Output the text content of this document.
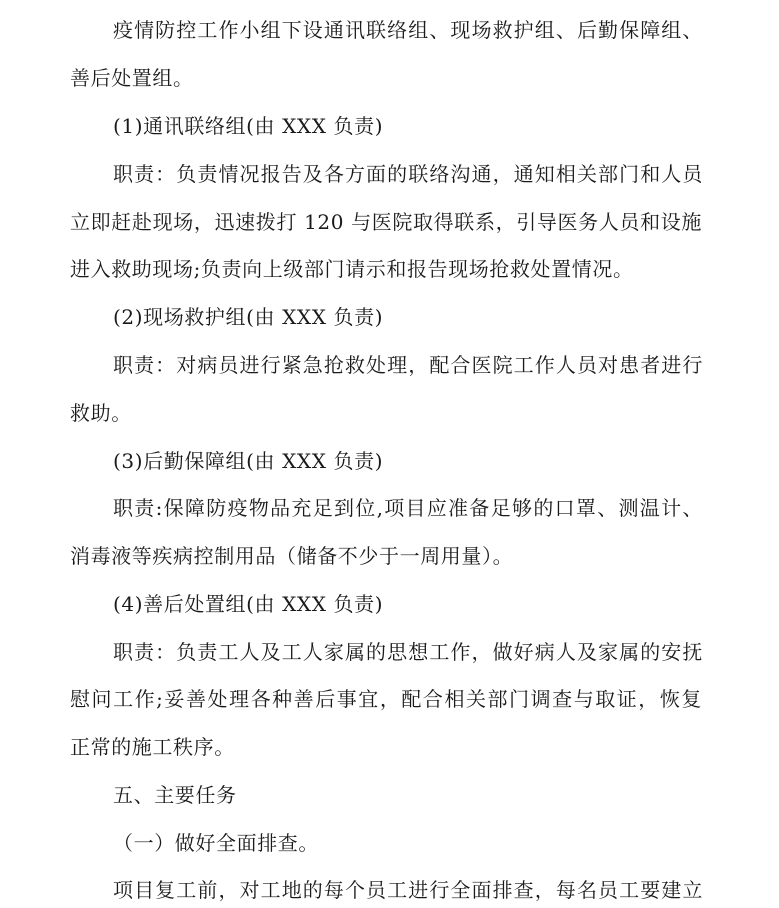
疫情防控工作小组下设通讯联络组、现场救护组、后勤保障组、
善后处置组。
(1)通讯联络组(由 XXX 负责)
职责：负责情况报告及各方面的联络沟通，通知相关部门和人员
立即赶赴现场，迅速拨打 120 与医院取得联系，引导医务人员和设施
进入救助现场;负责向上级部门请示和报告现场抢救处置情况。
(2)现场救护组(由 XXX 负责)
职责：对病员进行紧急抢救处理，配合医院工作人员对患者进行
救助。
(3)后勤保障组(由 XXX 负责)
职责:保障防疫物品充足到位,项目应准备足够的口罩、测温计、
消毒液等疾病控制用品（储备不少于一周用量）。
(4)善后处置组(由 XXX 负责)
职责：负责工人及工人家属的思想工作，做好病人及家属的安抚
慰问工作;妥善处理各种善后事宜，配合相关部门调查与取证，恢复
正常的施工秩序。
五、主要任务
（一）做好全面排查。
项目复工前，对工地的每个员工进行全面排查，每名员工要建立
